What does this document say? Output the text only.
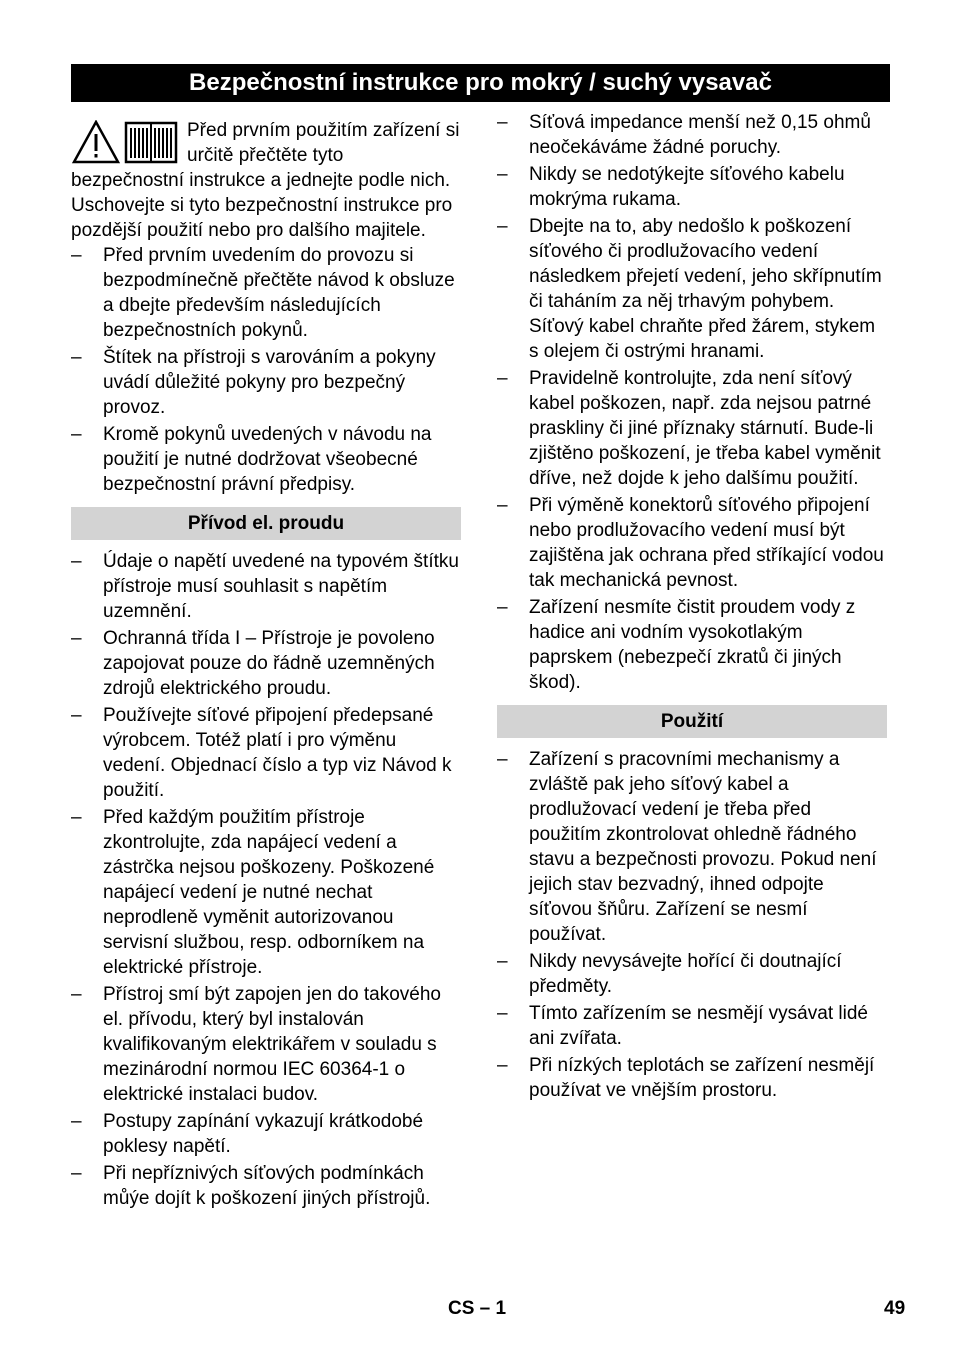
Bezpečnostní instrukce pro mokrý / suchý vysavač
Před prvním použitím zařízení si určitě přečtěte tyto bezpečnostní instrukce a jednejte podle nich. Uschovejte si tyto bezpečnostní instrukce pro pozdější použití nebo pro dalšího majitele.
–	Před prvním uvedením do provozu si bezpodmínečně přečtěte návod k obsluze a dbejte především následujících bezpečnostních pokynů.
–	Štítek na přístroji s varováním a pokyny uvádí důležité pokyny pro bezpečný provoz.
–	Kromě pokynů uvedených v návodu na použití je nutné dodržovat všeobecné bezpečnostní právní předpisy.
Přívod el. proudu
–	Údaje o napětí uvedené na typovém štítku přístroje musí souhlasit s napětím uzemnění.
–	Ochranná třída I – Přístroje je povoleno zapojovat pouze do řádně uzemněných zdrojů elektrického proudu.
–	Používejte síťové připojení předepsané výrobcem. Totéž platí i pro výměnu vedení. Objednací číslo a typ viz Návod k použití.
–	Před každým použitím přístroje zkontrolujte, zda napájecí vedení a zástrčka nejsou poškozeny. Poškozené napájecí vedení je nutné nechat neprodleně vyměnit autorizovanou servisní službou, resp. odborníkem na elektrické přístroje.
–	Přístroj smí být zapojen jen do takového el. přívodu, který byl instalován kvalifikovaným elektrikářem v souladu s mezinárodní normou IEC 60364-1 o elektrické instalaci budov.
–	Postupy zapínání vykazují krátkodobé poklesy napětí.
–	Při nepříznivých síťových podmínkách můýe dojít k poškození jiných přístrojů.
–	Síťová impedance menší než 0,15 ohmů neočekáváme žádné poruchy.
–	Nikdy se nedotýkejte síťového kabelu mokrýma rukama.
–	Dbejte na to, aby nedošlo k poškození síťového či prodlužovacího vedení následkem přejetí vedení, jeho skřípnutím či taháním za něj trhavým pohybem. Síťový kabel chraňte před žárem, stykem s olejem či ostrými hranami.
–	Pravidelně kontrolujte, zda není síťový kabel poškozen, např. zda nejsou patrné praskliny či jiné příznaky stárnutí. Bude-li zjištěno poškození, je třeba kabel vyměnit dříve, než dojde k jeho dalšímu použití.
–	Při výměně konektorů síťového připojení nebo prodlužovacího vedení musí být zajištěna jak ochrana před stříkající vodou tak mechanická pevnost.
–	Zařízení nesmíte čistit proudem vody z hadice ani vodním vysokotlakým paprskem (nebezpečí zkratů či jiných škod).
Použití
–	Zařízení s pracovními mechanismy a zvláště pak jeho síťový kabel a prodlužovací vedení je třeba před použitím zkontrolovat ohledně řádného stavu a bezpečnosti provozu. Pokud není jejich stav bezvadný, ihned odpojte síťovou šňůru. Zařízení se nesmí používat.
–	Nikdy nevysávejte hořící či doutnající předměty.
–	Tímto zařízením se nesmějí vysávat lidé ani zvířata.
–	Při nízkých teplotách se zařízení nesmějí používat ve vnějším prostoru.
CS – 1	49
